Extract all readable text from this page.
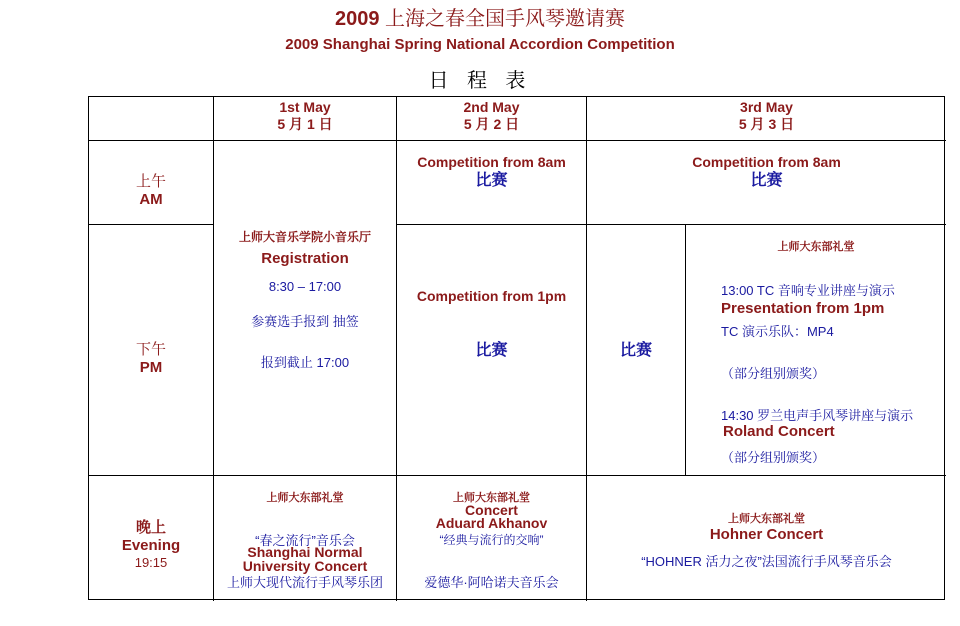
2009 上海之春全国手风琴邀请赛
2009 Shanghai Spring National Accordion Competition
日 程 表
1st May
5 月 1 日
2nd May
5 月 2 日
3rd May
5 月 3 日
上午
AM
下午
PM
晚上
Evening
19:15
上师大音乐学院小音乐厅
Registration
8:30 – 17:00
参赛选手报到 抽签
报到截止 17:00
Competition from 8am
比赛
Competition from 8am
比赛
Competition from 1pm
比赛	比赛
上师大东部礼堂
13:00 TC 音响专业讲座与演示
Presentation from 1pm
TC 演示乐队：MP4
（部分组别颁奖）
14:30 罗兰电声手风琴讲座与演示
Roland Concert
（部分组别颁奖）
上师大东部礼堂
“春之流行”音乐会
Shanghai Normal
University Concert
上师大现代流行手风琴乐团
上师大东部礼堂
Concert
Aduard Akhanov
“经典与流行的交响”
爱德华·阿哈诺夫音乐会
上师大东部礼堂
Hohner Concert
“HOHNER 活力之夜”法国流行手风琴音乐会
